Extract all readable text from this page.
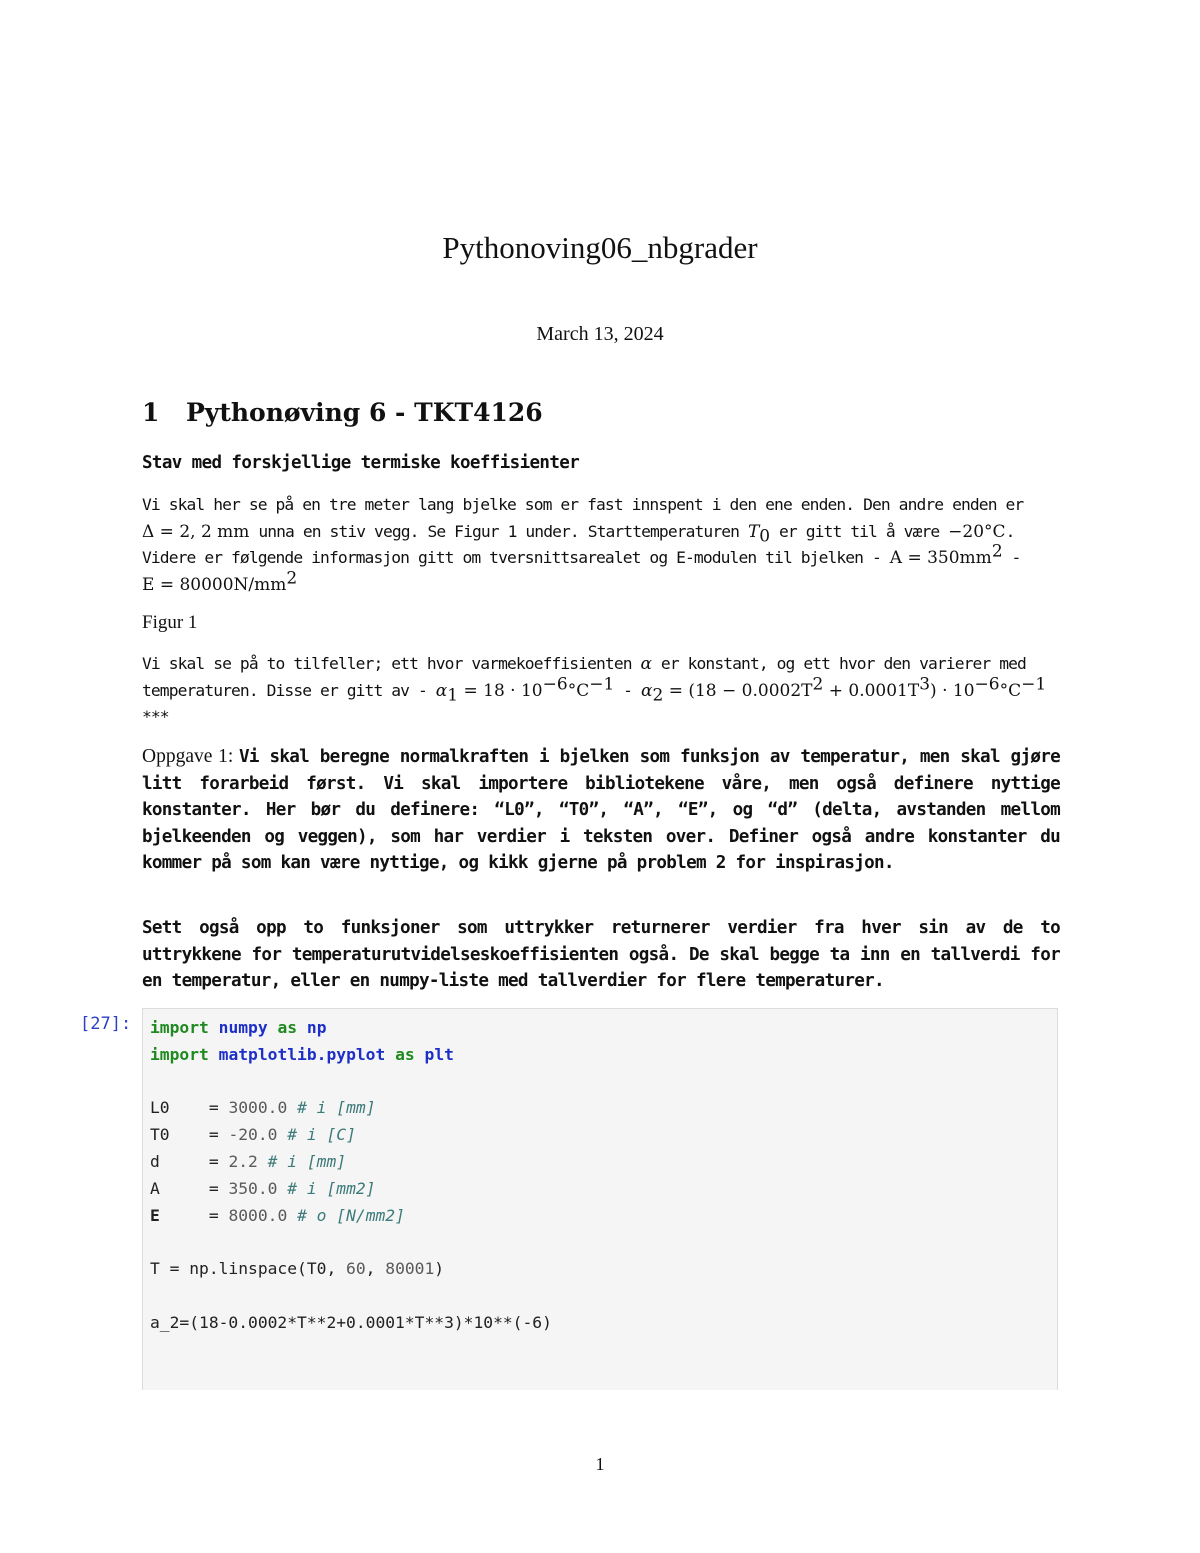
Pythonoving06_nbgrader
March 13, 2024
1 Pythonøving 6 - TKT4126
Stav med forskjellige termiske koeffisienter
Vi skal her se på en tre meter lang bjelke som er fast innspent i den ene enden. Den andre enden er
Δ = 2, 2 mm unna en stiv vegg. Se Figur 1 under. Starttemperaturen $T_0$ er gitt til å være −20°C.
Videre er følgende informasjon gitt om tversnittsarealet og E-modulen til bjelken - $A = 350mm^2$ -
$E = 80000N/mm^2$
Figur 1
Vi skal se på to tilfeller; ett hvor varmekoeffisienten α er konstant, og ett hvor den varierer med
temperaturen. Disse er gitt av - $\alpha_1 = 18 \cdot 10^{-6}^\circ C^{-1} - \alpha_2 = (18 - 0.0002T^2 + 0.0001T^3) \cdot 10^{-6}^\circ C^{-1}$
***
Oppgave 1: Vi skal beregne normalkraften i bjelken som funksjon av temperatur, men skal gjøre litt forarbeid først. Vi skal importere bibliotekene våre, men også definere nyttige konstanter. Her bør du definere: “L0”, “T0”, “A”, “E”, og “d” (delta, avstanden mellom bjelkeenden og veggen), som har verdier i teksten over. Definer også andre konstanter du kommer på som kan være nyttige, og kikk gjerne på problem 2 for inspirasjon.
Sett også opp to funksjoner som uttrykker returnerer verdier fra hver sin av de to uttrykkene for temperaturutvidelseskoeffisienten også. De skal begge ta inn en tallverdi for en temperatur, eller en numpy-liste med tallverdier for flere temperaturer.
[27]:	import numpy as np
import matplotlib.pyplot as plt

L0    = 3000.0 # i [mm]
T0    = -20.0 # i [C]
d     = 2.2 # i [mm]
A     = 350.0 # i [mm2]
E     = 8000.0 # o [N/mm2]

T = np.linspace(T0, 60, 80001)

a_2=(18-0.0002*T**2+0.0001*T**3)*10**(-6)
1
